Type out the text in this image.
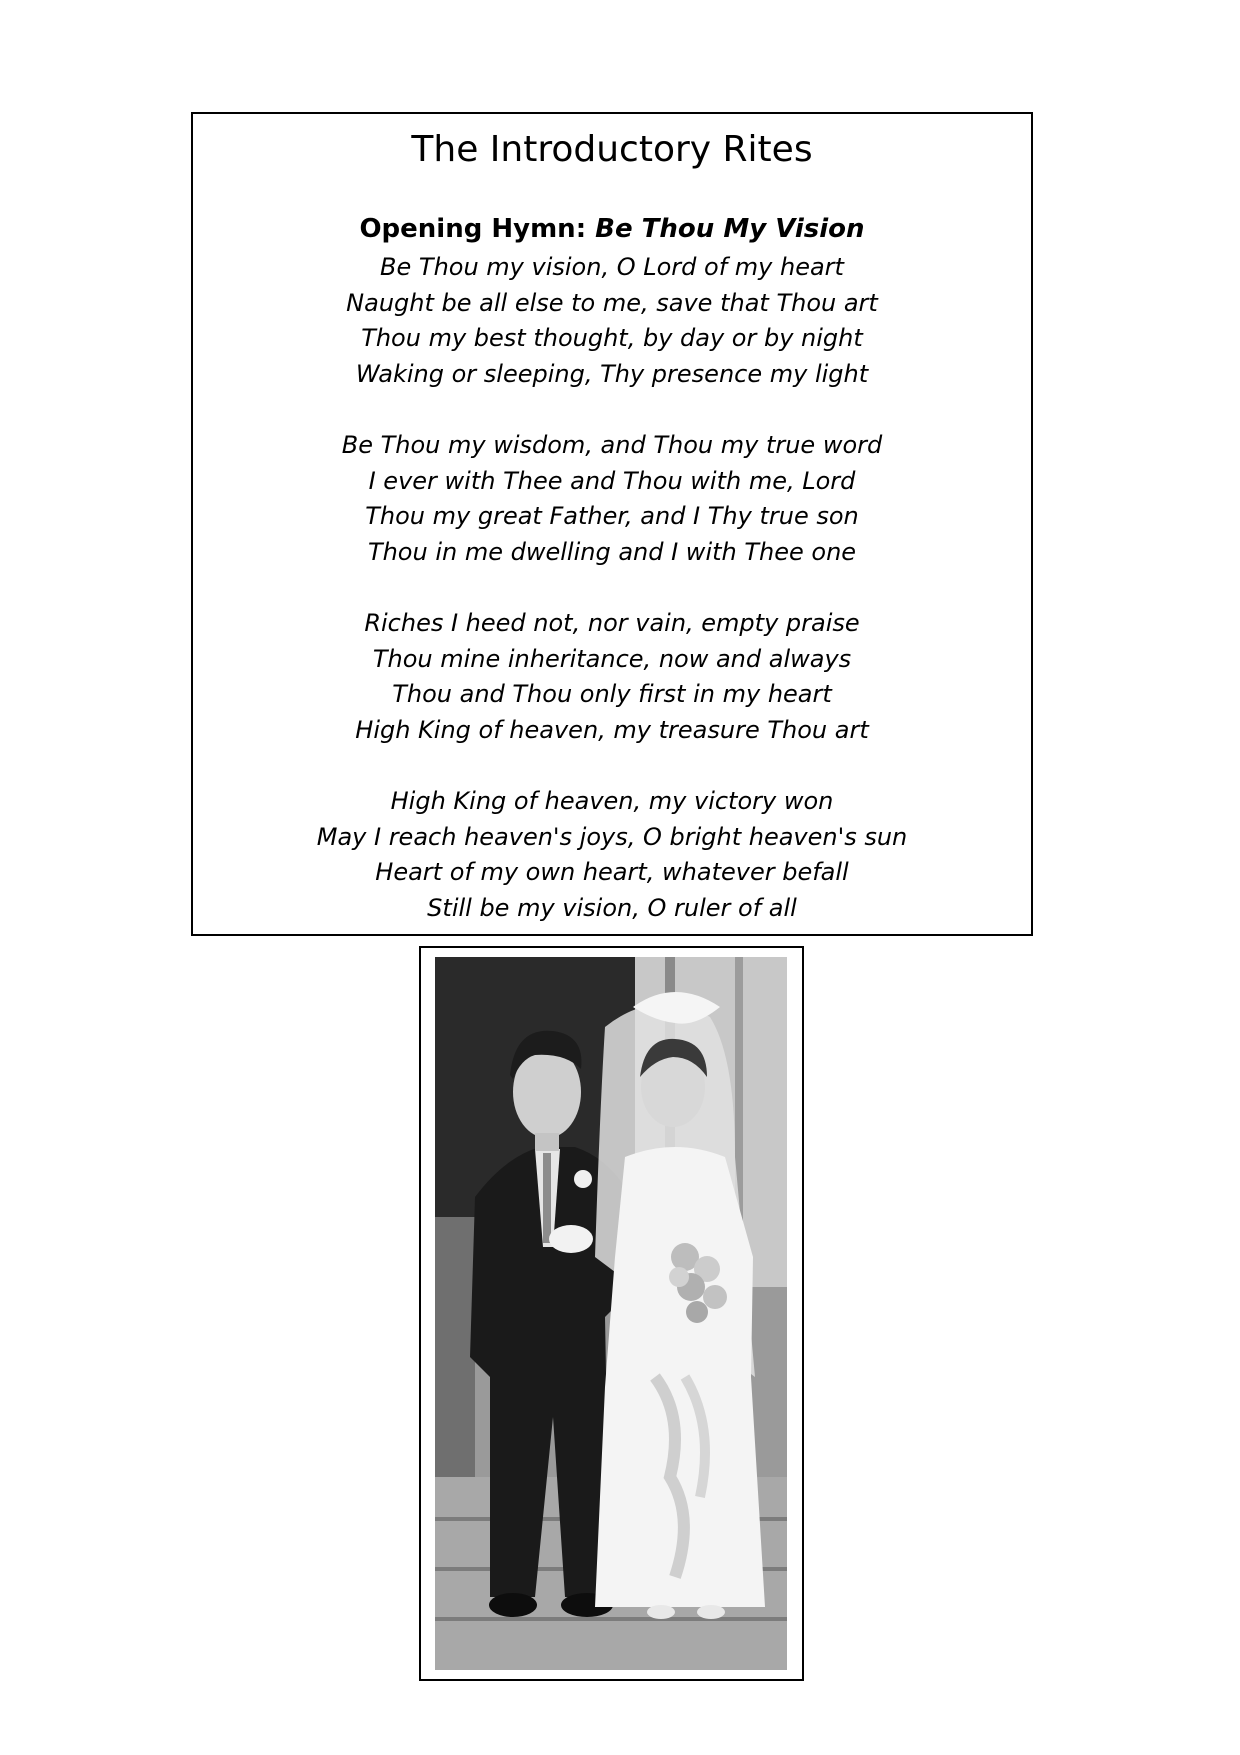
The Introductory Rites
Opening Hymn: Be Thou My Vision
Be Thou my vision, O Lord of my heart
Naught be all else to me, save that Thou art
Thou my best thought, by day or by night
Waking or sleeping, Thy presence my light
Be Thou my wisdom, and Thou my true word
I ever with Thee and Thou with me, Lord
Thou my great Father, and I Thy true son
Thou in me dwelling and I with Thee one
Riches I heed not, nor vain, empty praise
Thou mine inheritance, now and always
Thou and Thou only first in my heart
High King of heaven, my treasure Thou art
High King of heaven, my victory won
May I reach heaven's joys, O bright heaven's sun
Heart of my own heart, whatever befall
Still be my vision, O ruler of all
